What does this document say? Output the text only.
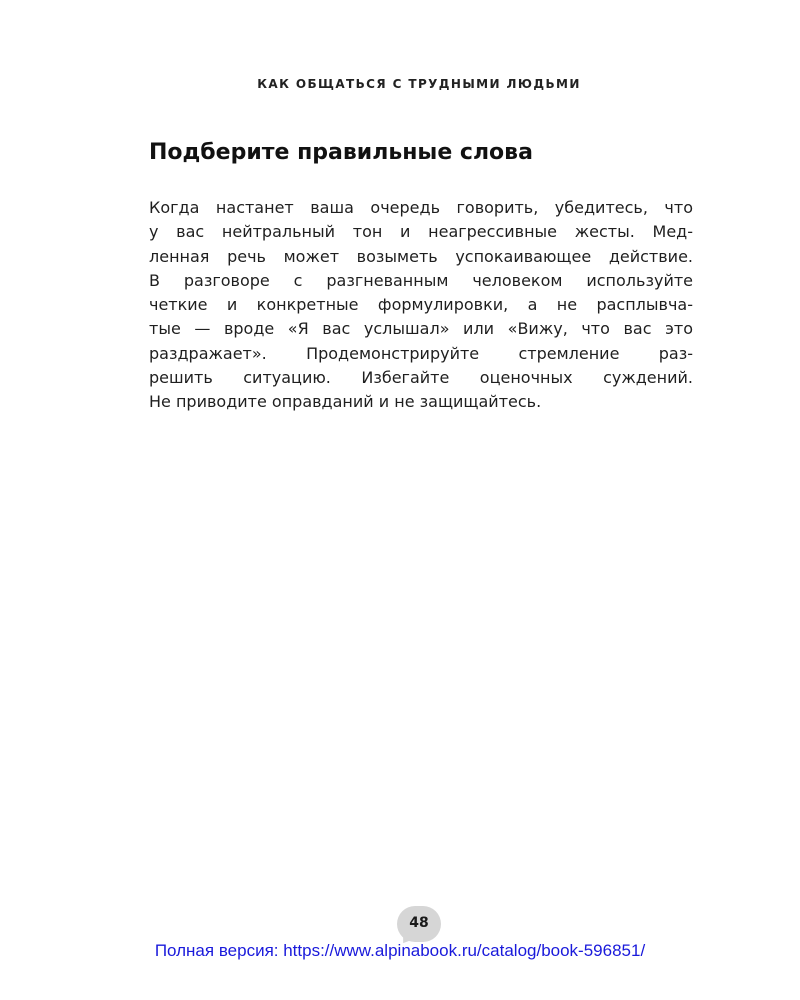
КАК ОБЩАТЬСЯ С ТРУДНЫМИ ЛЮДЬМИ
Подберите правильные слова

Когда настанет ваша очередь говорить, убедитесь, что
у вас нейтральный тон и неагрессивные жесты. Мед-
ленная речь может возыметь успокаивающее действие.
В разговоре с разгневанным человеком используйте
четкие и конкретные формулировки, а не расплывча-
тые — вроде «Я вас услышал» или «Вижу, что вас это
раздражает». Продемонстрируйте стремление раз-
решить ситуацию. Избегайте оценочных суждений.
Не приводите оправданий и не защищайтесь.

48
Полная версия: https://www.alpinabook.ru/catalog/book-596851/
